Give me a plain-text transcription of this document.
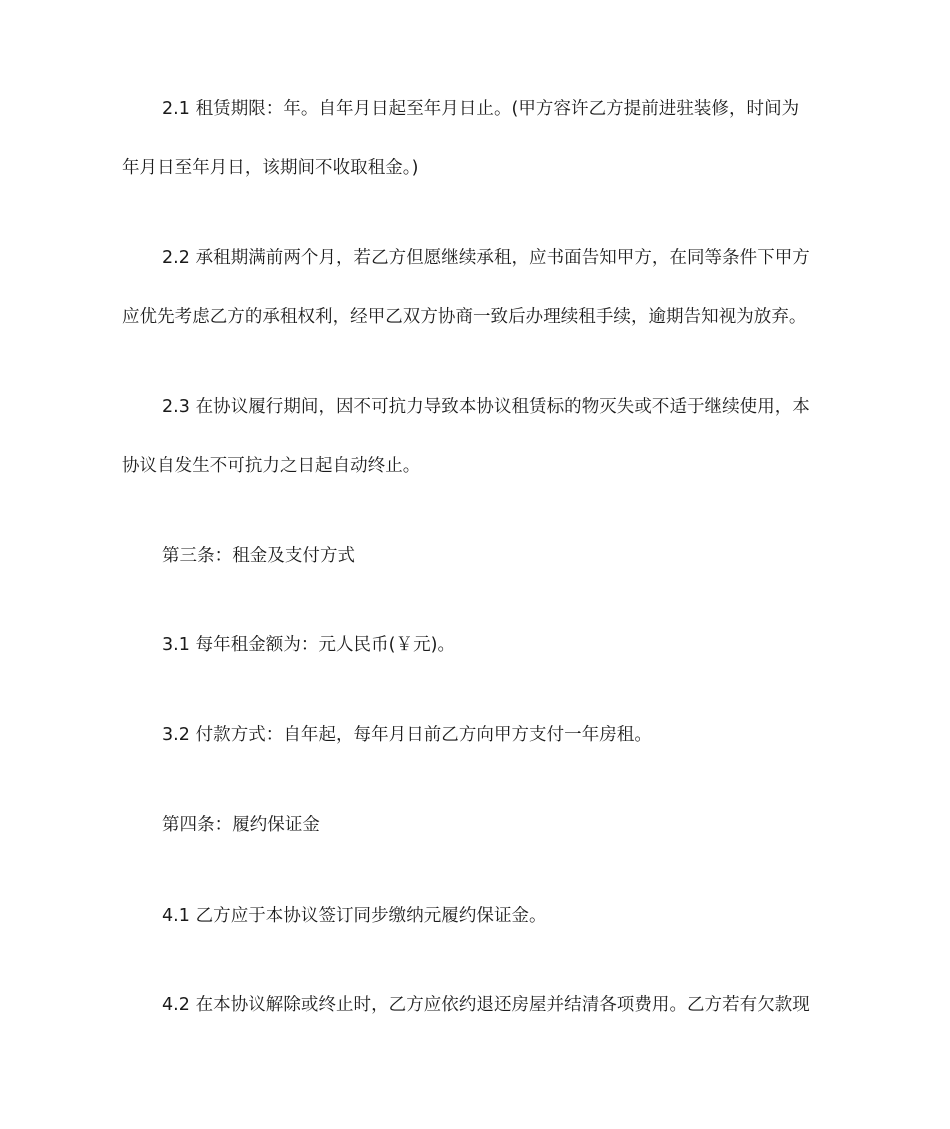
2.1 租赁期限：年。自年月日起至年月日止。(甲方容许乙方提前进驻装修，时间为
年月日至年月日，该期间不收取租金。)
2.2 承租期满前两个月，若乙方但愿继续承租，应书面告知甲方，在同等条件下甲方
应优先考虑乙方的承租权利，经甲乙双方协商一致后办理续租手续，逾期告知视为放弃。
2.3 在协议履行期间，因不可抗力导致本协议租赁标的物灭失或不适于继续使用，本
协议自发生不可抗力之日起自动终止。
第三条：租金及支付方式
3.1 每年租金额为：元人民币(￥元)。
3.2 付款方式：自年起，每年月日前乙方向甲方支付一年房租。
第四条：履约保证金
4.1 乙方应于本协议签订同步缴纳元履约保证金。
4.2 在本协议解除或终止时，乙方应依约退还房屋并结清各项费用。乙方若有欠款现
